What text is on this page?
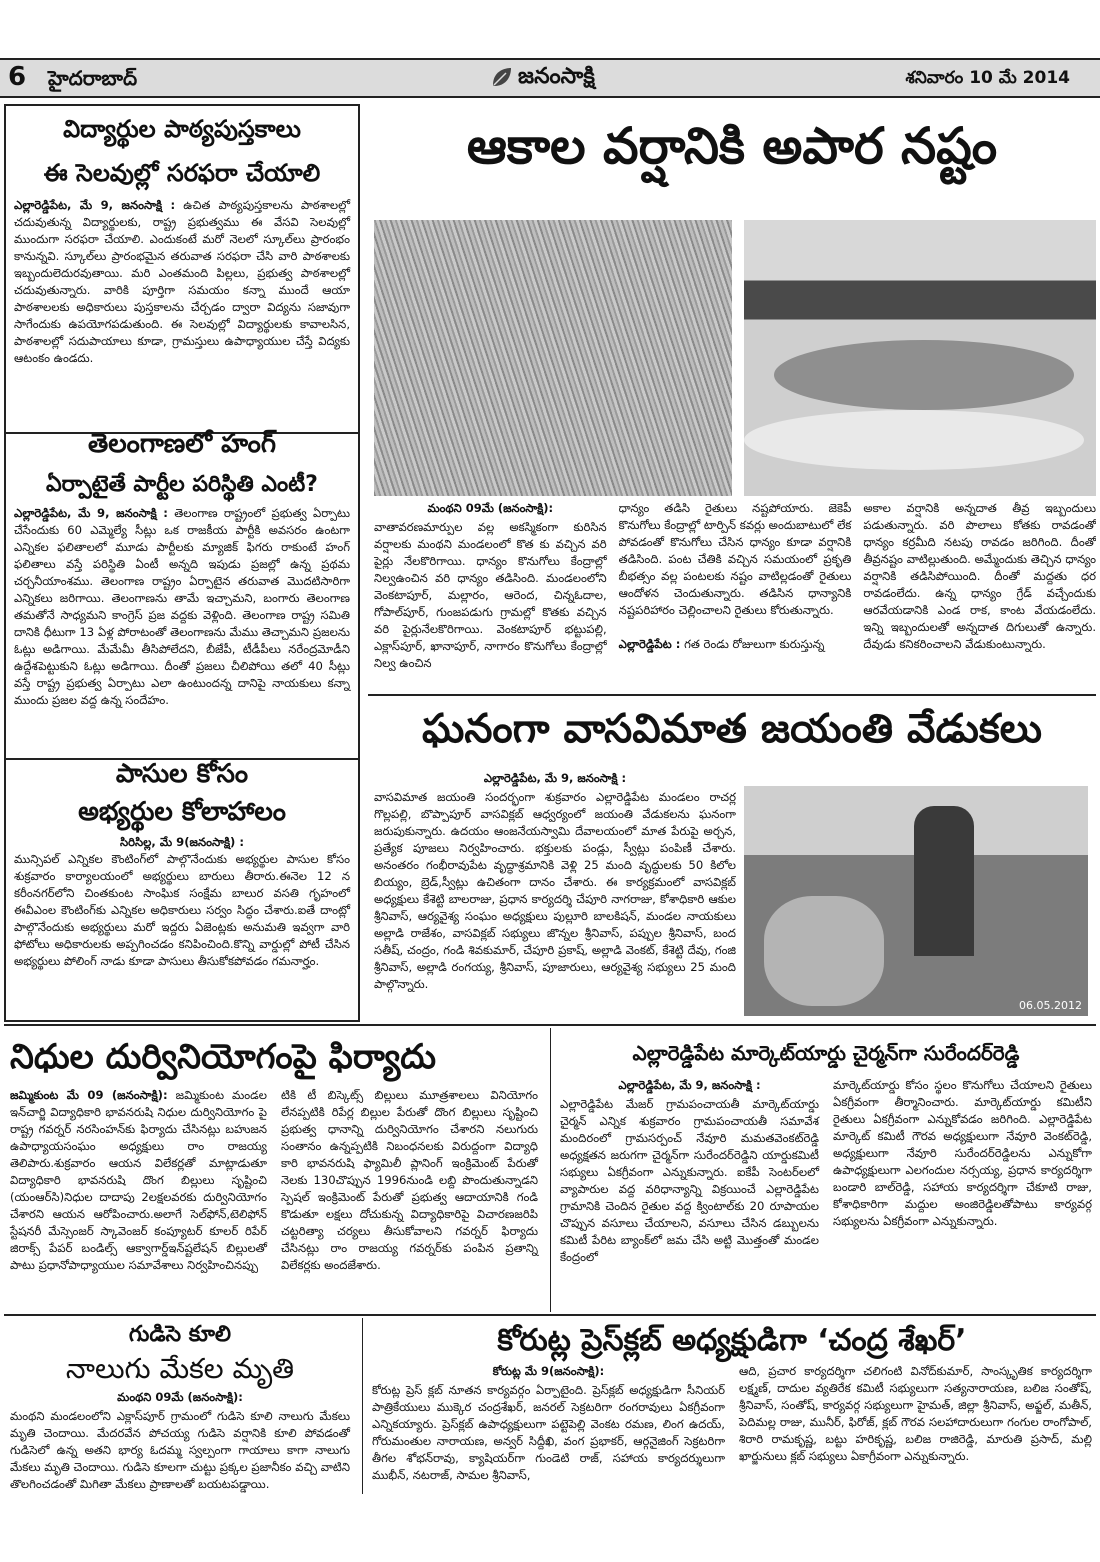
6 హైదరాబాద్	జనంసాక్షి	శనివారం 10 మే 2014
విద్యార్థుల పాఠ్యపుస్తకాలు
ఈ సెలవుల్లో సరఫరా చేయాలి
ఎల్లారెడ్డిపేట, మే 9, జనంసాక్షి : ఉచిత పాఠ్యపుస్తకాలను పాఠశాలల్లో చదువుతున్న విద్యార్థులకు, రాష్ట్ర ప్రభుత్వము ఈ వేసవి సెలవుల్లో ముందుగా సరఫరా చేయాలి. ఎందుకంటే మరో నెలలో స్కూల్‌లు ప్రారంభం కానున్నవి. స్కూల్‌లు ప్రారంభమైన తరువాత సరఫరా చేసి వారి పాఠశాలకు ఇబ్బందులెదురవుతాయి. మరి ఎంతమంది పిల్లలు, ప్రభుత్వ పాఠశాలల్లో చదువుతున్నారు. వారికి పూర్తిగా సమయం కన్నా ముందే ఆయా పాఠశాలలకు అధికారులు పుస్తకాలను చేర్చడం ద్వారా విద్యను సజావుగా సాగేందుకు ఉపయోగపడుతుంది. ఈ సెలవుల్లో విద్యార్థులకు కావాలసిన, పాఠశాలల్లో సదుపాయాలు కూడా, గ్రామస్తులు ఉపాధ్యాయుల చేస్తే విద్యకు ఆటంకం ఉండదు.
తెలంగాణలో హంగ్
ఏర్పాటైతే పార్టీల పరిస్థితి ఎంటీ?
ఎల్లారెడ్డిపేట, మే 9, జనంసాక్షి : తెలంగాణ రాష్ట్రంలో ప్రభుత్వ ఏర్పాటు చేసేందుకు 60 ఎమ్మెల్యే సీట్లు ఒక రాజకీయ పార్టీకి అవసరం ఉంటగా ఎన్నికల ఫలితాలలో మూడు పార్టీలకు మ్యాజిక్ ఫిగరు రాకుంటే హంగ్ ఫలితాలు వస్తే పరిస్థితి ఏంటీ అన్నది ఇపుడు ప్రజల్లో ఉన్న ప్రథమ చర్చనీయాంశము. తెలంగాణ రాష్ట్రం ఏర్పాటైన తరువాత మొదటిసారిగా ఎన్నికలు జరిగాయి. తెలంగాణను తామే ఇచ్చామని, బంగారు తెలంగాణ తమతోనే సాధ్యమని కాంగ్రెస్ ప్రజ వద్దకు వెళ్లింది. తెలంగాణ రాష్ట్ర సమితి దానికి ధీటుగా 13 ఏళ్ల పోరాటంతో తెలంగాణను మేము తెచ్చామని ప్రజలను ఓట్లు అడిగాయి. మేమేమీ తీసిపోలేదని, బీజేపీ, టీడీపీలు నరేంద్రమోడీని ఉద్దేశపెట్టుకుని ఓట్లు అడిగాయి. దీంతో ప్రజలు చీలిపోయి తలో 40 సీట్లు వస్తే రాష్ట్ర ప్రభుత్వ ఏర్పాటు ఎలా ఉంటుందన్న దానిపై నాయకులు కన్నా ముందు ప్రజల వద్ద ఉన్న సందేహం.
పాసుల కోసం
అభ్యర్థుల కోలాహాలం
సిరిసిల్ల, మే 9(జనంసాక్షి) :
మున్సిపల్ ఎన్నికల కౌంటింగ్‌లో పాల్గొనేందుకు అభ్యర్థుల పాసుల కోసం శుక్రవారం కార్యాలయంలో అభ్యర్థులు బారులు తీరారు.ఈనెల 12 న కరీంనగర్‌లోని చింతకుంట సాంఘిక సంక్షేమ బాలుర వసతి గృహంలో ఈవీఎంల కౌంటింగ్‌కు ఎన్నికల అధికారులు సర్వం సిద్ధం చేశారు.ఐతే దాంట్లో పాల్గొనేందుకు అభ్యర్థులు మరో ఇద్దరు ఏజెంట్లకు అనుమతి ఇవ్వగా వారి ఫోటోలు అధికారులకు అప్పగించడం కనిపించింది.కొన్ని వార్డుల్లో పోటీ చేసిన అభ్యర్థులు పోలింగ్ నాడు కూడా పాసులు తీసుకోకపోవడం గమనార్హం.
ఆకాల వర్షానికి అపార నష్టం
మంథని 09మే (జనంసాక్షి):
వాతావరణమార్పుల వల్ల అకస్మికంగా కురిసిన వర్షాలకు మంథని మండలంలో కొత కు వచ్చిన వరి పైర్లు నేలకొరిగాయి. ధాన్యం కొనుగోలు కేంద్రాల్లో నిల్వఉంచిన వరి ధాన్యం తడిసింది. మండలంలోని వెంకటాపూర్, మల్లారం, ఆరెంద, చిన్నఓదాల, గోపాల్‌పూర్, గుంజపడుగు గ్రామల్లో కొతకు వచ్చిన వరి పైర్లునేలకొరిగాయి. వెంకటాపూర్ భట్టుపల్లి, ఎక్లాస్‌పూర్, ఖానాపూర్, నాగారం కొనుగోలు కేంద్రాల్లో నిల్వ ఉంచిన
ధాన్యం తడిసి రైతులు నష్టపోయారు. జెకెపీ కొనుగోలు కేంద్రాల్లో టార్పిన్ కవర్లు అందుబాటులో లేక పోవడంతో కొనుగోలు చేసిన ధాన్యం కూడా వర్షానికి తడిసింది. పంట చేతికి వచ్చిన సమయంలో ప్రకృతి బీభత్సం వల్ల పంటలకు నష్టం వాటిల్లడంతో రైతులు ఆందోళన చెందుతున్నారు. తడిసిన ధాన్యానికి నష్టపరిహారం చెల్లించాలని రైతులు కోరుతున్నారు.

ఎల్లారెడ్డిపేట : గత రెండు రోజులుగా కురుస్తున్న
అకాల వర్షానికి అన్నదాత తీవ్ర ఇబ్బందులు పడుతున్నారు. వరి పొలాలు కోతకు రావడంతో ధాన్యం కర్రమీది నటపు రావడం జరిగింది. దీంతో తీవ్రనష్టం వాటిల్లుతుంది. అమ్మేందుకు తెచ్చిన ధాన్యం వర్షానికి తడిసిపోయింది. దీంతో మద్దతు ధర రావడంలేదు. ఉన్న ధాన్యం గ్రేడ్ వచ్చేందుకు ఆరవేయడానికి ఎండ రాక, కాంట వేయడంలేదు. ఇన్ని ఇబ్బందులతో అన్నదాత దిగులుతో ఉన్నారు. దేవుడు కనికరించాలని వేడుకుంటున్నారు.
ఘనంగా వాసవిమాత జయంతి వేడుకలు
ఎల్లారెడ్డిపేట, మే 9, జనంసాక్షి :
వాసవిమాత జయంతి సందర్భంగా శుక్రవారం ఎల్లారెడ్డిపేట మండలం రాచర్ల గొల్లపల్లి, బొప్పాపూర్ వాసవిక్లబ్ ఆధ్వర్యంలో జయంతి వేడుకలను ఘనంగా జరుపుకున్నారు. ఉదయం ఆంజనేయస్వామి దేవాలయంలో మాత పేరుపై అర్చన, ప్రత్యేక పూజలు నిర్వహించారు. భక్తులకు పండ్లు, స్వీట్లు పంపిణీ చేశారు. అనంతరం గంభీరావుపేట వృద్ధాశ్రమానికి వెళ్లి 25 మంది వృద్ధులకు 50 కిలోల బియ్యం, బ్రెడ్,స్వీట్లు ఉచితంగా దానం చేశారు. ఈ కార్యక్రమంలో వాసవిక్లబ్ అధ్యక్షులు కేశెట్టి బాలరాజు, ప్రధాన కార్యదర్శి చేపూరి నాగరాజు, కోశాధికారి ఆకుల శ్రీనివాస్, ఆర్యవైశ్య సంఘం అధ్యక్షులు పుల్లూరి బాలకిషన్, మండల నాయకులు అల్లాడి రాజేశం, వాసవిక్లబ్ సభ్యులు జొన్నల శ్రీనివాస్, పప్పుల శ్రీనివాస్, బంద సతీష్, చంద్రం, గండి శివకుమార్, చేపూరి ప్రకాష్, అల్లాడి వెంకట్, కేశెట్టి దేవు, గంజి శ్రీనివాస్, అల్లాడి రంగయ్య, శ్రీనివాస్, పూజారులు, ఆర్యవైశ్య సభ్యులు 25 మంది పాల్గొన్నారు.
06.05.2012
నిధుల దుర్వినియోగంపై ఫిర్యాదు
జమ్మికుంట మే 09 (జనంసాక్షి): జమ్మికుంట మండల ఇన్‌చార్జి విద్యాధికారి భావనరుషి నిధుల దుర్వినియోగం పై రాష్ట్ర గవర్నర్ నరసింహన్‌కు ఫిర్యాదు చేసినట్లు బహుజన ఉపాధ్యాయసంఘం అధ్యక్షులు రాం రాజయ్య తెలిపారు.శుక్రవారం ఆయన విలేకర్లతో మాట్లాడుతూ విద్యాధికారి భావనరుషి దొంగ బిల్లులు సృష్టించి (యంఆర్‌సి)నిధుల దాదాపు 2లక్షలవరకు దుర్వినియోగం చేశారని ఆయన ఆరోపించారు.అలాగే సెల్‌ఫోన్,టెలిఫోన్ స్టేషనరీ మేస్సెంజర్ స్కావెంజర్ కంప్యూటర్ కూలర్ రిపేర్ జిరాక్స్ పేపర్ బండిల్స్ ఆక్వాగార్డ్‌ఇన్‌ష్టలేషన్ బిల్లులతో పాటు ప్రధానోపాధ్యాయుల సమావేశాలు నిర్వహించినప్పు
టికి టీ బిస్కెట్స్ బిల్లులు మూత్రశాలలు వినియోగం లేనప్పటికి రిపేర్ల బిల్లుల పేరుతో దొంగ బిల్లులు సృష్టించి ప్రభుత్వ ధానాన్ని దుర్వినియోగం చేశారని నలుగురు సంతానం ఉన్నప్పటికి నిబంధనలకు విరుద్దంగా విద్యాధి కారి భావనరుషి ఫ్యామిలీ ప్లానింగ్ ఇంక్రిమెంట్ పేరుతో నెలకు 130చొప్పున 1996నుండి లబ్ది పొందుతున్నాడని స్పెషల్ ఇంక్రిమెంట్ పేరుతో ప్రభుత్వ ఆదాయానికి గండి కొడుతూ లక్షలు దోచుకున్న విద్యాధికారిపై విచారణజరిపి చట్టరిత్యా చర్యలు తీసుకోవాలని గవర్నర్ ఫిర్యాదు చేసినట్లు రాం రాజయ్య గవర్నర్‌కు పంపిన ప్రతాన్ని విలేకర్లకు అందజేశారు.
ఎల్లారెడ్డిపేట మార్కెట్‌యార్డు చైర్మన్‌గా సురేందర్‌రెడ్డి
ఎల్లారెడ్డిపేట, మే 9, జనంసాక్షి :
ఎల్లారెడ్డిపేట మేజర్ గ్రామపంచాయతీ మార్కెట్‌యార్డు చైర్మన్ ఎన్నిక శుక్రవారం గ్రామపంచాయతీ సమావేశ మందిరంలో గ్రామసర్పంచ్ నేవూరి మమతవెంకట్‌రెడ్డి అధ్యక్షతన జరుగగా చైర్మన్‌గా సురేందర్‌రెడ్డిని యార్డుకమిటీ సభ్యులు ఏకగ్రీవంగా ఎన్నుకున్నారు. ఐకేపీ సెంటర్‌లలో వ్యాపారుల వద్ద వరిధాన్యాన్ని విక్రయించే ఎల్లారెడ్డిపేట గ్రామానికి చెందిన రైతుల వద్ద క్వింటాల్‌కు 20 రూపాయల చొప్పున వసూలు చేయాలని, వసూలు చేసిన డబ్బులను కమిటీ పేరిట బ్యాంక్‌లో జమ చేసి అట్టి మొత్తంతో మండల కేంద్రంలో
మార్కెట్‌యార్డు కోసం స్థలం కొనుగోలు చేయాలని రైతులు ఏకగ్రీవంగా తీర్మానించారు. మార్కెట్‌యార్డు కమిటీని రైతులు ఏకగ్రీవంగా ఎన్నుకోవడం జరిగింది. ఎల్లారెడ్డిపేట మార్కెట్ కమిటీ గౌరవ అధ్యక్షులుగా నేవూరి వెంకట్‌రెడ్డి, అధ్యక్షులుగా నేవూరి సురేందర్‌రెడ్డిలను ఎన్నుకోగా ఉపాధ్యక్షులుగా ఎలగందుల నర్సయ్య, ప్రధాన కార్యదర్శిగా బండారి బాల్‌రెడ్డి, సహాయ కార్యదర్శిగా చేకూటి రాజు, కోశాధికారిగా మద్దుల అంజిరెడ్డిలతోపాటు కార్యవర్గ సభ్యులను ఏకగ్రీవంగా ఎన్నుకున్నారు.
గుడిసె కూలి
నాలుగు మేకల మృతి
మంథని 09మే (జనంసాక్షి):
మంథని మండలంలోని ఎక్లాస్‌పూర్ గ్రామంలో గుడిసె కూలి నాలుగు మేకలు మృతి చెందాయి. మేదరవేన పోచయ్య గుడిసె వర్షానికి కూలి పోవడంతో గుడిసెలో ఉన్న అతని భార్య ఓదమ్మ స్వల్పంగా గాయాలు కాగా నాలుగు మేకలు మృతి చెందాయి. గుడిసె కూలగా చుట్టు ప్రక్కల ప్రజానీకం వచ్చి వాటిని తొలగించడంతో మిగితా మేకలు ప్రాణాలతో బయటపడ్డాయి.
కోరుట్ల ప్రెస్‌క్లబ్ అధ్యక్షుడిగా ‘చంద్ర శేఖర్’
కోరుట్ల మే 9(జనంసాక్షి):
కోరుట్ల ప్రెస్ క్లబ్ నూతన కార్యవర్గం ఏర్పాటైంది. ప్రెస్‌క్లబ్ అధ్యక్షుడిగా సీనియర్ పాత్రికేయులు ముక్కెర చంద్రశేఖర్, జనరల్ సెక్రటరిగా రంగరావులు ఏకగ్రీవంగా ఎన్నికయ్యారు. ప్రెస్‌క్లబ్ ఉపాధ్యక్షులుగా పట్టెపెల్లి వెంకట రమణ, లింగ ఉదయ్, గోరుమంతుల నారాయణ, అన్వర్ సిద్దీఖి, వంగ ప్రభాకర్, ఆర్గనైజింగ్ సెక్రటరిగా తీగల శోభన్‌రావు, క్యాషియర్‌గా గుండెటి రాజ్, సహాయ కార్యదర్శులుగా ముభీన్, నటరాజ్, సామల శ్రీనివాస్,
ఆది, ప్రచార కార్యదర్శిగా చలిగంటి వినోద్‌కుమార్, సాంస్కృతిక కార్యదర్శిగా లక్ష్మణ్, దాదుల వ్యతిరేక కమిటీ సభ్యులుగా సత్యనారాయణ, బలిజ సంతోష్, శ్రీనివాస్, సంతోష్, కార్యవర్గ సభ్యులుగా హైమత్, జిల్లా శ్రీనివాస్, అఫ్జల్, మతీన్, పెదిమల్ల రాజు, మునీర్, ఫిరోజ్, క్లబ్ గౌరవ సలహాదారులుగా గంగుల రాంగోపాల్, శిరారి రామకృష్ణ, బట్టు హరికృష్ణ, బలిజ రాజిరెడ్డి, మారుతి ప్రసాద్, మల్లి ఖార్జునులు క్లబ్ సభ్యులు ఏకాగ్రీవంగా ఎన్నుకున్నారు.
